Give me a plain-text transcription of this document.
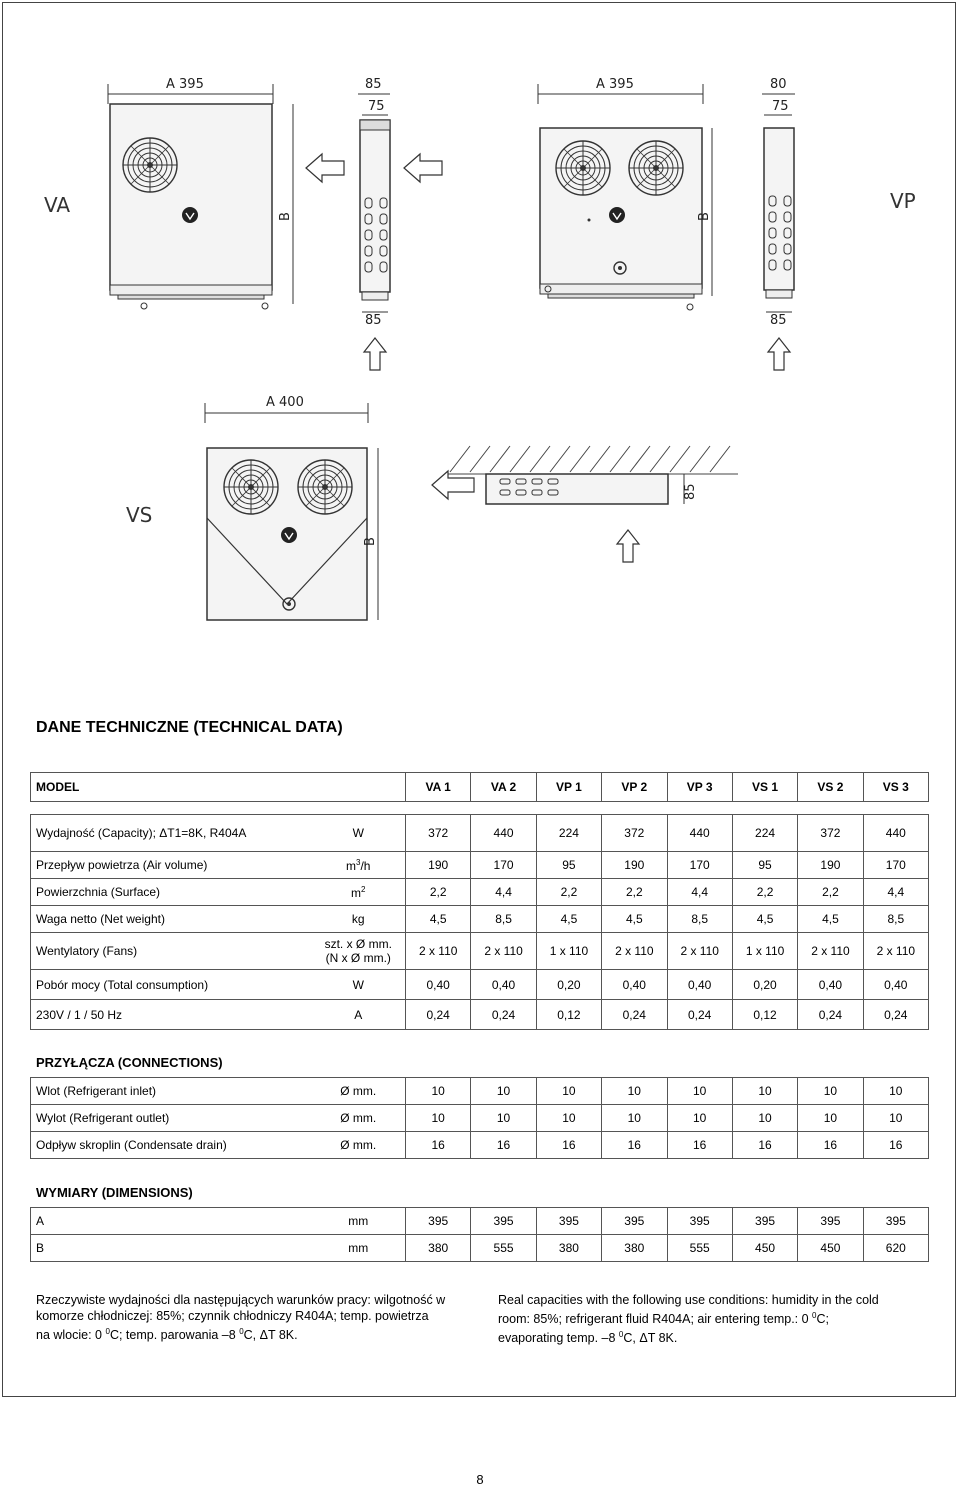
VA
A 395
B
85
75
85
VP
A 395
B
80
75
85
VS
A 400
B
85
DANE TECHNICZNE (TECHNICAL DATA)
MODEL		VA 1	VA 2	VP 1	VP 2	VP 3	VS 1	VS 2	VS 3

Wydajność (Capacity); ΔT1=8K, R404A	W	372	440	224	372	440	224	372	440
Przepływ powietrza (Air volume)	$m^3/h$	190	170	95	190	170	95	190	170
Powierzchnia (Surface)	$m^2$	2,2	4,4	2,2	2,2	4,4	2,2	2,2	4,4
Waga netto (Net weight)	kg	4,5	8,5	4,5	4,5	8,5	4,5	4,5	8,5
Wentylatory (Fans)	szt. x Ø mm.
(N x Ø mm.)	2 x 110	2 x 110	1 x 110	2 x 110	2 x 110	1 x 110	2 x 110	2 x 110
Pobór mocy (Total consumption)	W	0,40	0,40	0,20	0,40	0,40	0,20	0,40	0,40
230V / 1 / 50 Hz	A	0,24	0,24	0,12	0,24	0,24	0,12	0,24	0,24
PRZYŁĄCZA (CONNECTIONS)
Wlot (Refrigerant inlet)	Ø mm.	10	10	10	10	10	10	10	10
Wylot (Refrigerant outlet)	Ø mm.	10	10	10	10	10	10	10	10
Odpływ skroplin (Condensate drain)	Ø mm.	16	16	16	16	16	16	16	16
WYMIARY (DIMENSIONS)
A	mm	395	395	395	395	395	395	395	395
B	mm	380	555	380	380	555	450	450	620
Rzeczywiste wydajności dla następujących warunków pracy: wilgotność w
komorze chłodniczej: 85%; czynnik chłodniczy R404A; temp. powietrza
na wlocie: 0 $^0$C; temp. parowania –8 $^0$C, ΔT 8K.
Real capacities with the following use conditions: humidity in the cold
room: 85%; refrigerant fluid R404A; air entering temp.: 0 $^0$C;
evaporating temp. –8 $^0$C, ΔT 8K.
8
